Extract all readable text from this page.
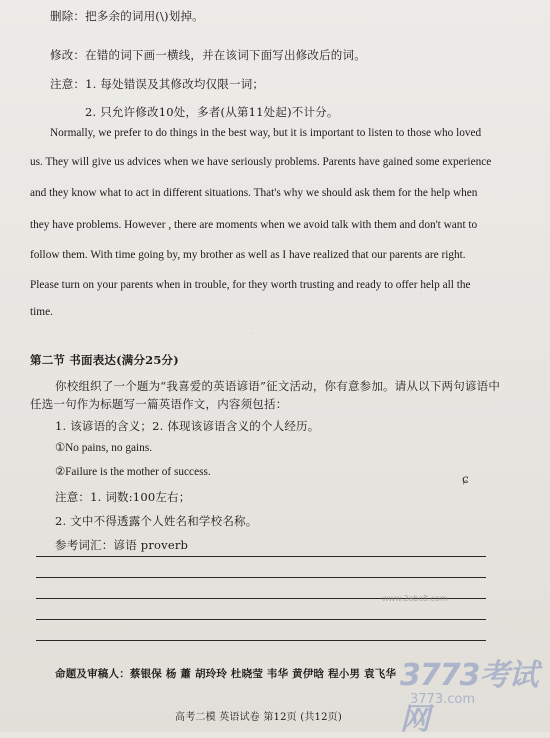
删除：把多余的词用(\)划掉。
修改：在错的词下画一横线，并在该词下面写出修改后的词。
注意：1. 每处错误及其修改均仅限一词；
2. 只允许修改10处，多者(从第11处起)不计分。
Normally, we prefer to do things in the best way, but it is important to listen to those who loved
us. They will give us advices when we have seriously problems. Parents have gained some experience
and they know what to act in different situations. That's why we should ask them for the help when
they have problems. However , there are moments when we avoid talk with them and don't want to
follow them. With time going by, my brother as well as I have realized that our parents are right.
Please turn on your parents when in trouble, for they worth trusting and ready to offer help all the
time.
·
·
第二节 书面表达(满分25分)
你校组织了一个题为“我喜爱的英语谚语”征文活动，你有意参加。请从以下两句谚语中
任选一句作为标题写一篇英语作文，内容须包括：
1. 该谚语的含义；2. 体现该谚语含义的个人经历。
①No pains, no gains.
②Failure is the mother of success.
注意：1. 词数:100左右；
2. 文中不得透露个人姓名和学校名称。
参考词汇：谚语 proverb
ɕ
www.2abc8.com
命题及审稿人：蔡银保 杨 蕭 胡玲玲 杜晓莹 韦华 黄伊晗 程小男 袁飞华 3773考试网
3773.com
高考二模 英语试卷 第12页 (共12页)
